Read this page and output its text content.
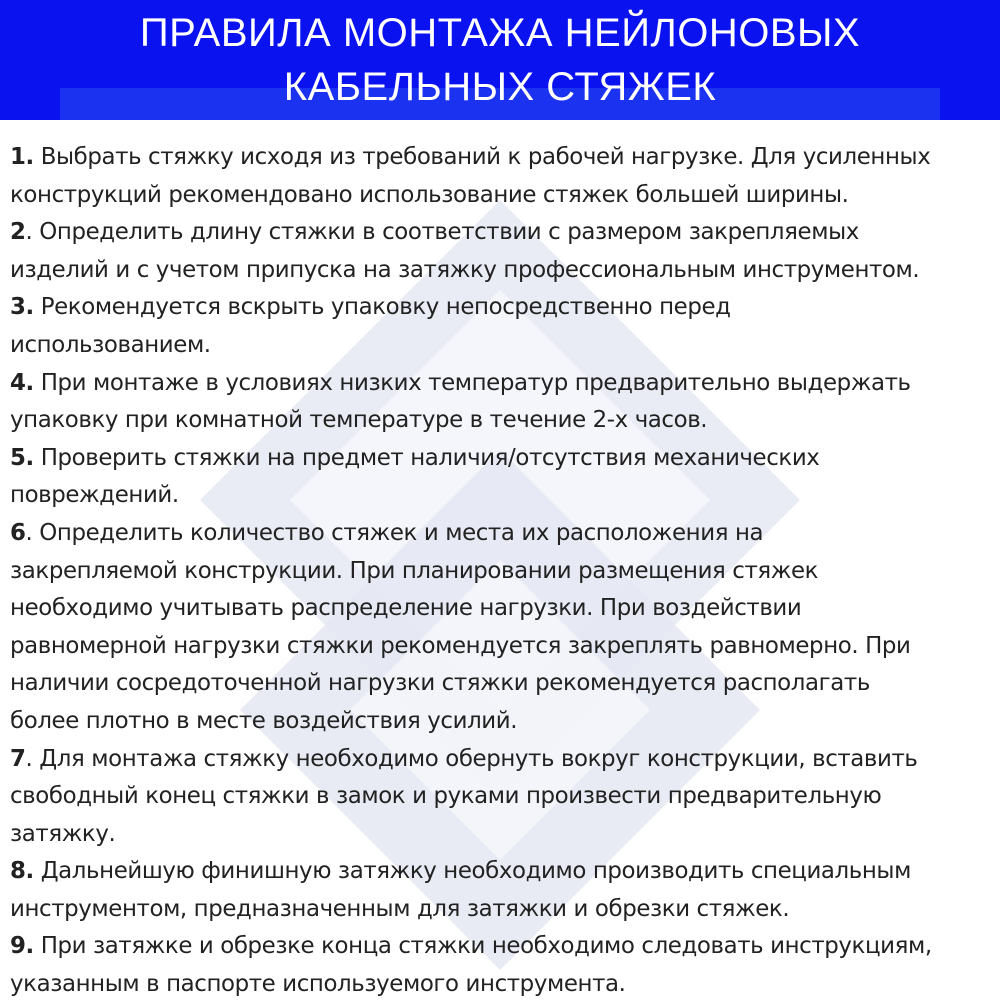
ПРАВИЛА МОНТАЖА НЕЙЛОНОВЫХ
КАБЕЛЬНЫХ СТЯЖЕК
1. Выбрать стяжку исходя из требований к рабочей нагрузке. Для усиленных
конструкций рекомендовано использование стяжек большей ширины.
2. Определить длину стяжки в соответствии с размером закрепляемых
изделий и с учетом припуска на затяжку профессиональным инструментом.
3. Рекомендуется вскрыть упаковку непосредственно перед
использованием.
4. При монтаже в условиях низких температур предварительно выдержать
упаковку при комнатной температуре в течение 2-х часов.
5. Проверить стяжки на предмет наличия/отсутствия механических
повреждений.
6. Определить количество стяжек и места их расположения на
закрепляемой конструкции. При планировании размещения стяжек
необходимо учитывать распределение нагрузки. При воздействии
равномерной нагрузки стяжки рекомендуется закреплять равномерно. При
наличии сосредоточенной нагрузки стяжки рекомендуется располагать
более плотно в месте воздействия усилий.
7. Для монтажа стяжку необходимо обернуть вокруг конструкции, вставить
свободный конец стяжки в замок и руками произвести предварительную
затяжку.
8. Дальнейшую финишную затяжку необходимо производить специальным
инструментом, предназначенным для затяжки и обрезки стяжек.
9. При затяжке и обрезке конца стяжки необходимо следовать инструкциям,
указанным в паспорте используемого инструмента.
